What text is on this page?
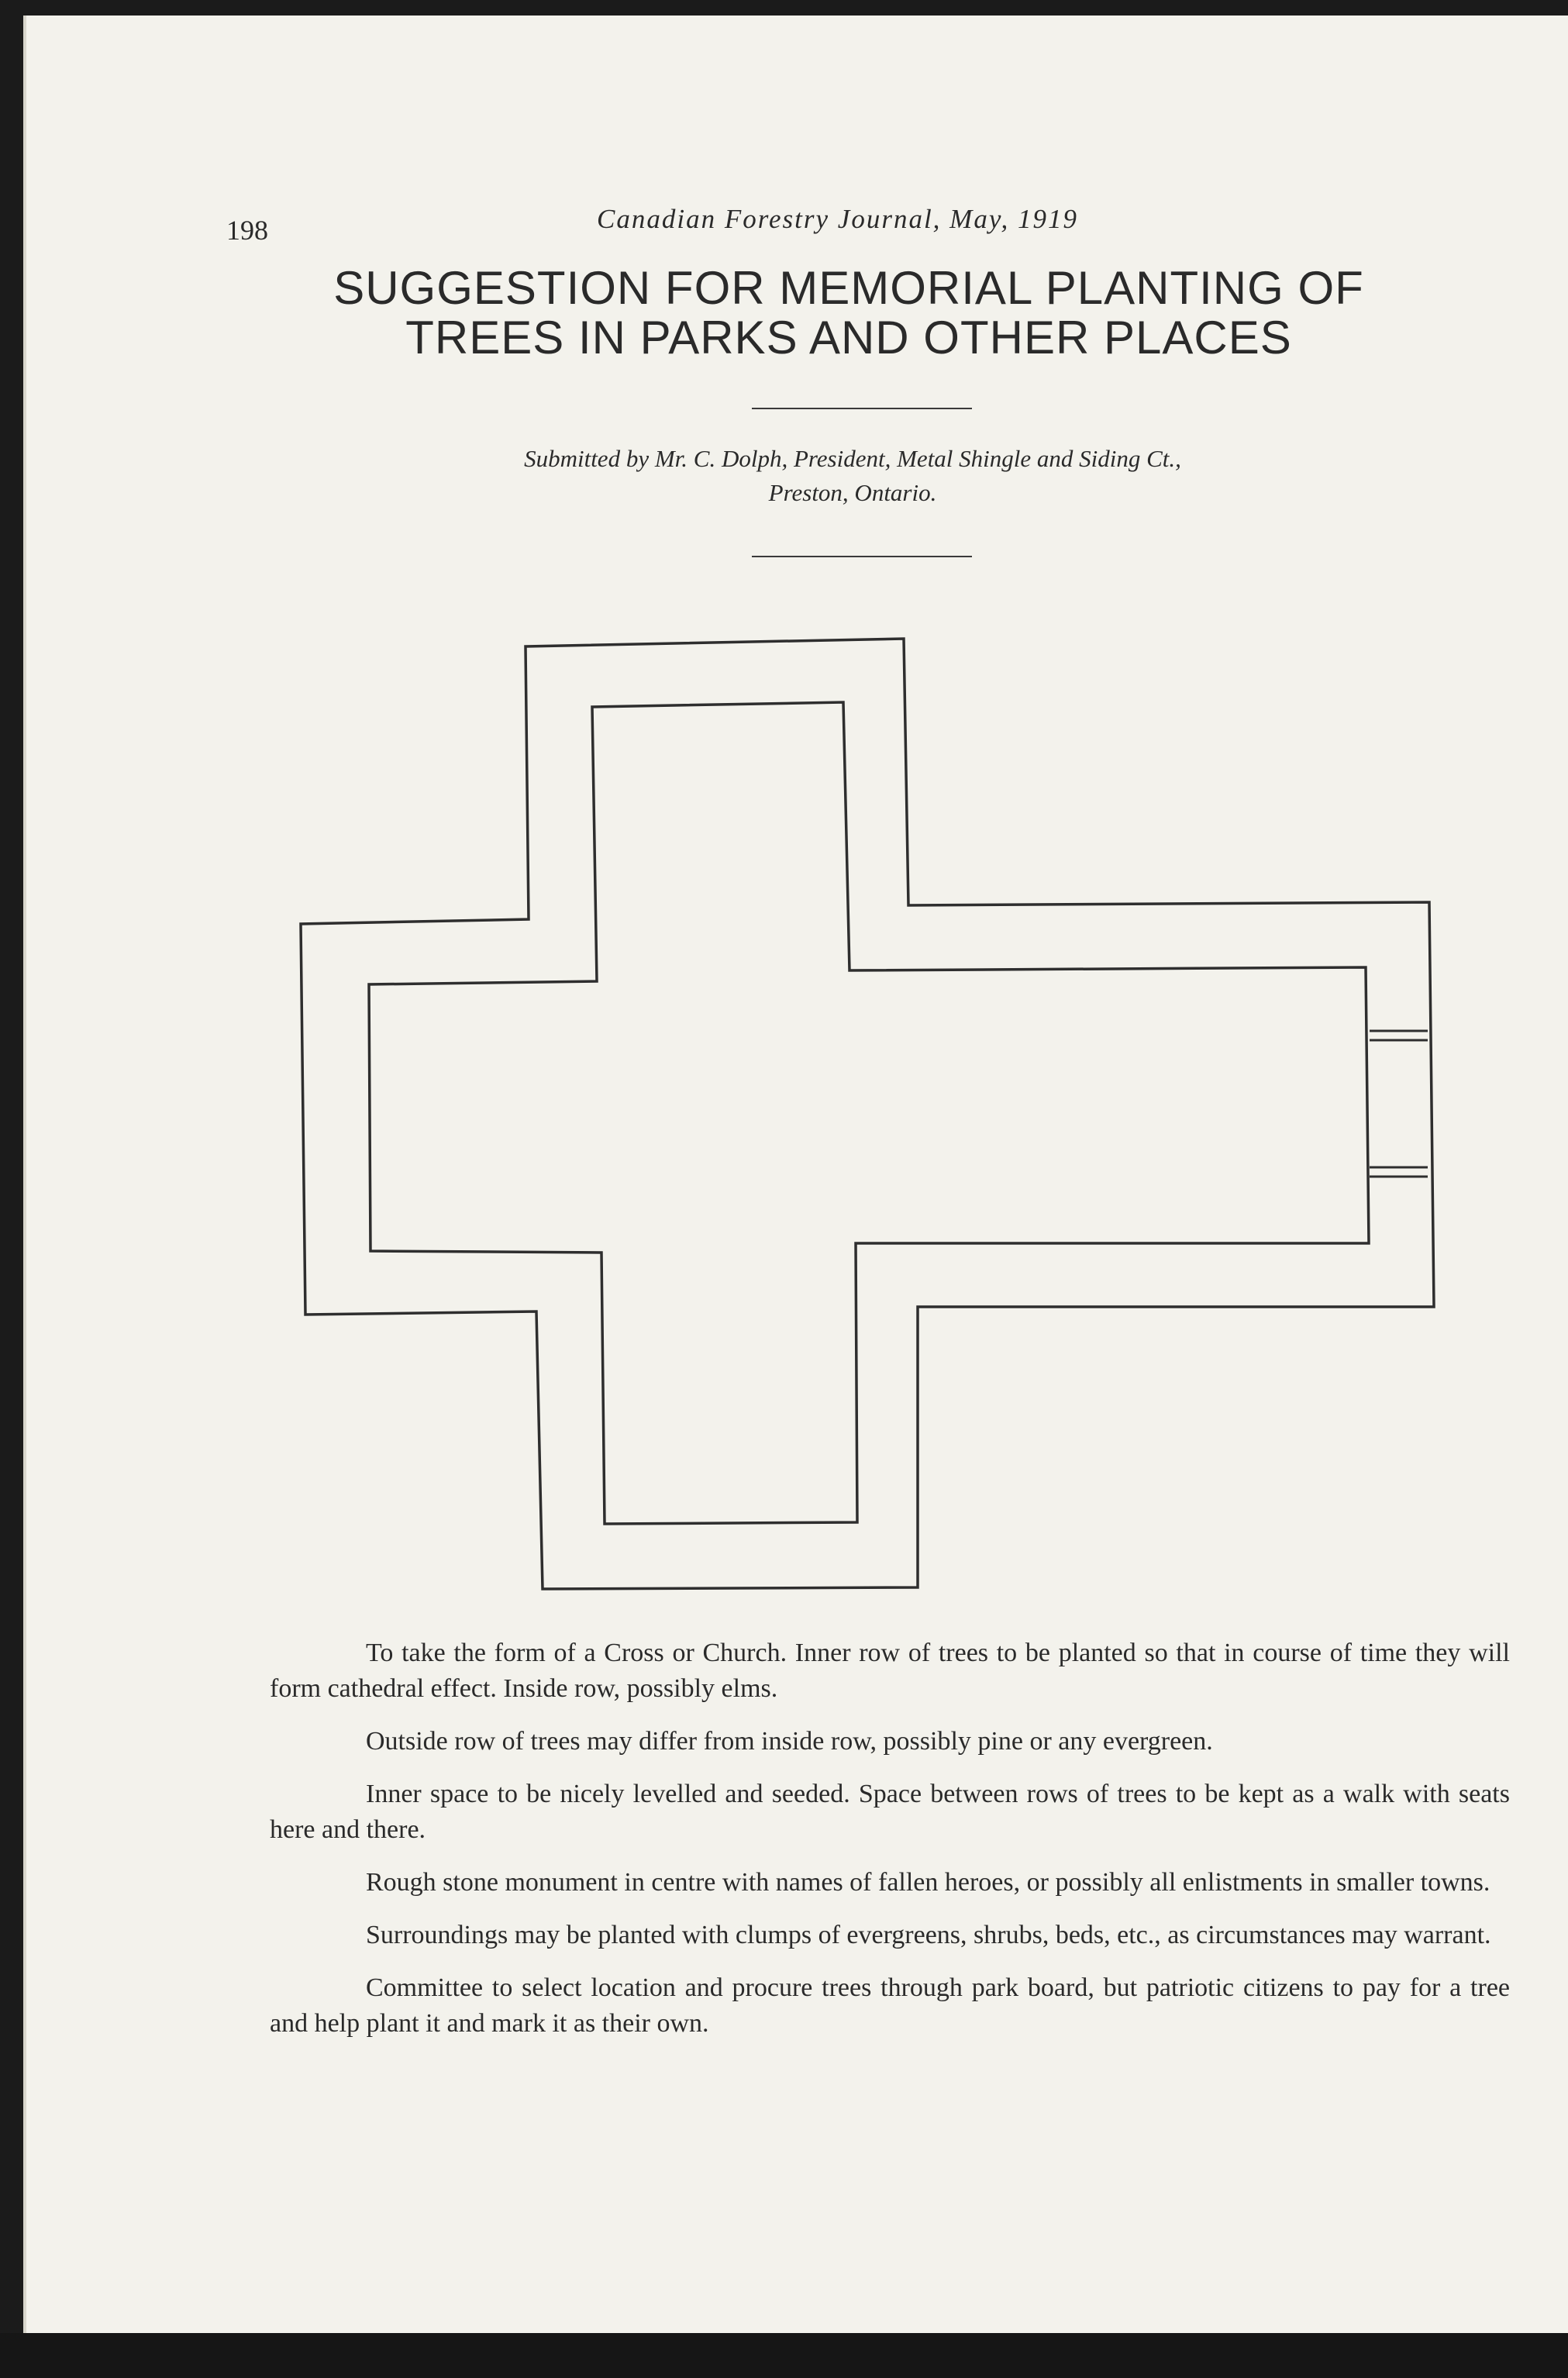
198	Canadian Forestry Journal, May, 1919
SUGGESTION FOR MEMORIAL PLANTING OF TREES IN PARKS AND OTHER PLACES
Submitted by Mr. C. Dolph, President, Metal Shingle and Siding Ct.,
Preston, Ontario.

To take the form of a Cross or Church. Inner row of trees to be planted so that in course of time they will form cathedral effect. Inside row, possibly elms.

Outside row of trees may differ from inside row, possibly pine or any evergreen.

Inner space to be nicely levelled and seeded. Space between rows of trees to be kept as a walk with seats here and there.

Rough stone monument in centre with names of fallen heroes, or possibly all enlistments in smaller towns.

Surroundings may be planted with clumps of evergreens, shrubs, beds, etc., as circumstances may warrant.

Committee to select location and procure trees through park board, but patriotic citizens to pay for a tree and help plant it and mark it as their own.
